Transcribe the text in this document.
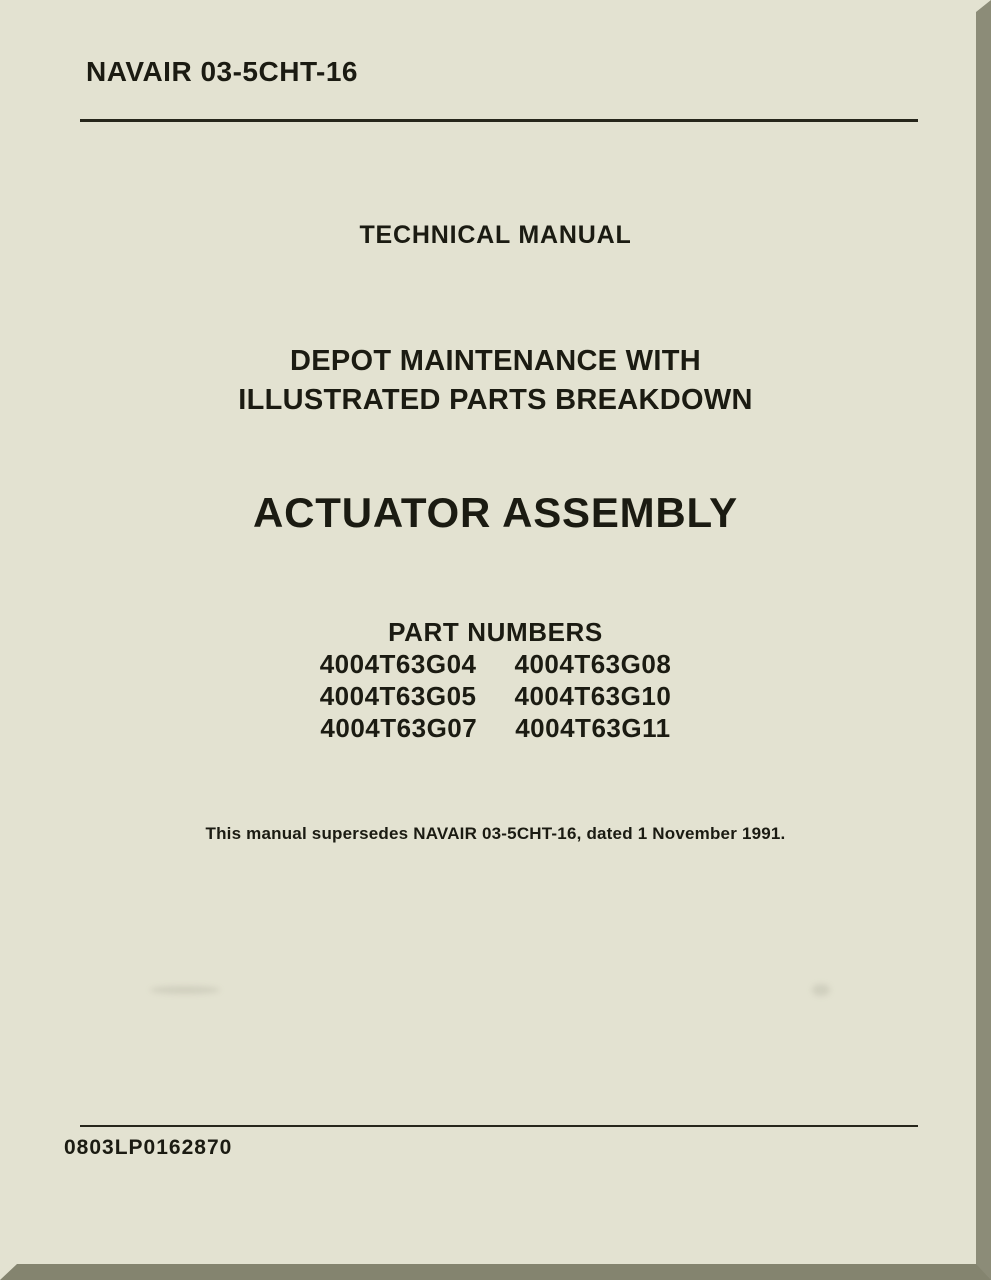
NAVAIR 03-5CHT-16
TECHNICAL MANUAL
DEPOT MAINTENANCE WITH
ILLUSTRATED PARTS BREAKDOWN
ACTUATOR ASSEMBLY
PART NUMBERS
4004T63G04 4004T63G08
4004T63G05 4004T63G10
4004T63G07 4004T63G11
This manual supersedes NAVAIR 03-5CHT-16, dated 1 November 1991.
0803LP0162870
